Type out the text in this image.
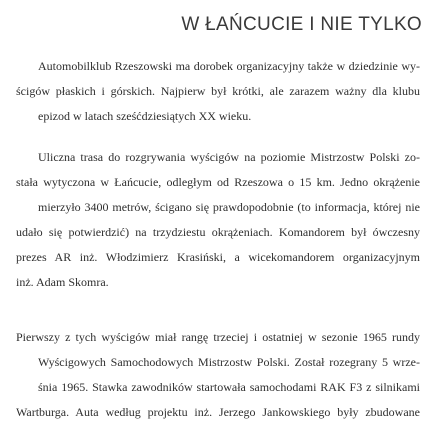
W ŁAŃCUCIE I NIE TYLKO

Automobilklub Rzeszowski ma dorobek organizacyjny także w dziedzinie wy-
ścigów płaskich i górskich. Najpierw był krótki, ale zarazem ważny dla klubu
epizod w latach sześćdziesiątych XX wieku.

Uliczna trasa do rozgrywania wyścigów na poziomie Mistrzostw Polski zo-
stała wytyczona w Łańcucie, odległym od Rzeszowa o 15 km. Jedno okrążenie
mierzyło 3400 metrów, ścigano się prawdopodobnie (to informacja, której nie
udało się potwierdzić) na trzydziestu okrążeniach. Komandorem był ówczesny
prezes AR inż. Włodzimierz Krasiński, a wicekomandorem organizacyjnym
inż. Adam Skomra.

Pierwszy z tych wyścigów miał rangę trzeciej i ostatniej w sezonie 1965 rundy
Wyścigowych Samochodowych Mistrzostw Polski. Został rozegrany 5 wrze-
śnia 1965. Stawka zawodników startowała samochodami RAK F3 z silnikami
Wartburga. Auta według projektu inż. Jerzego Jankowskiego były zbudowane
